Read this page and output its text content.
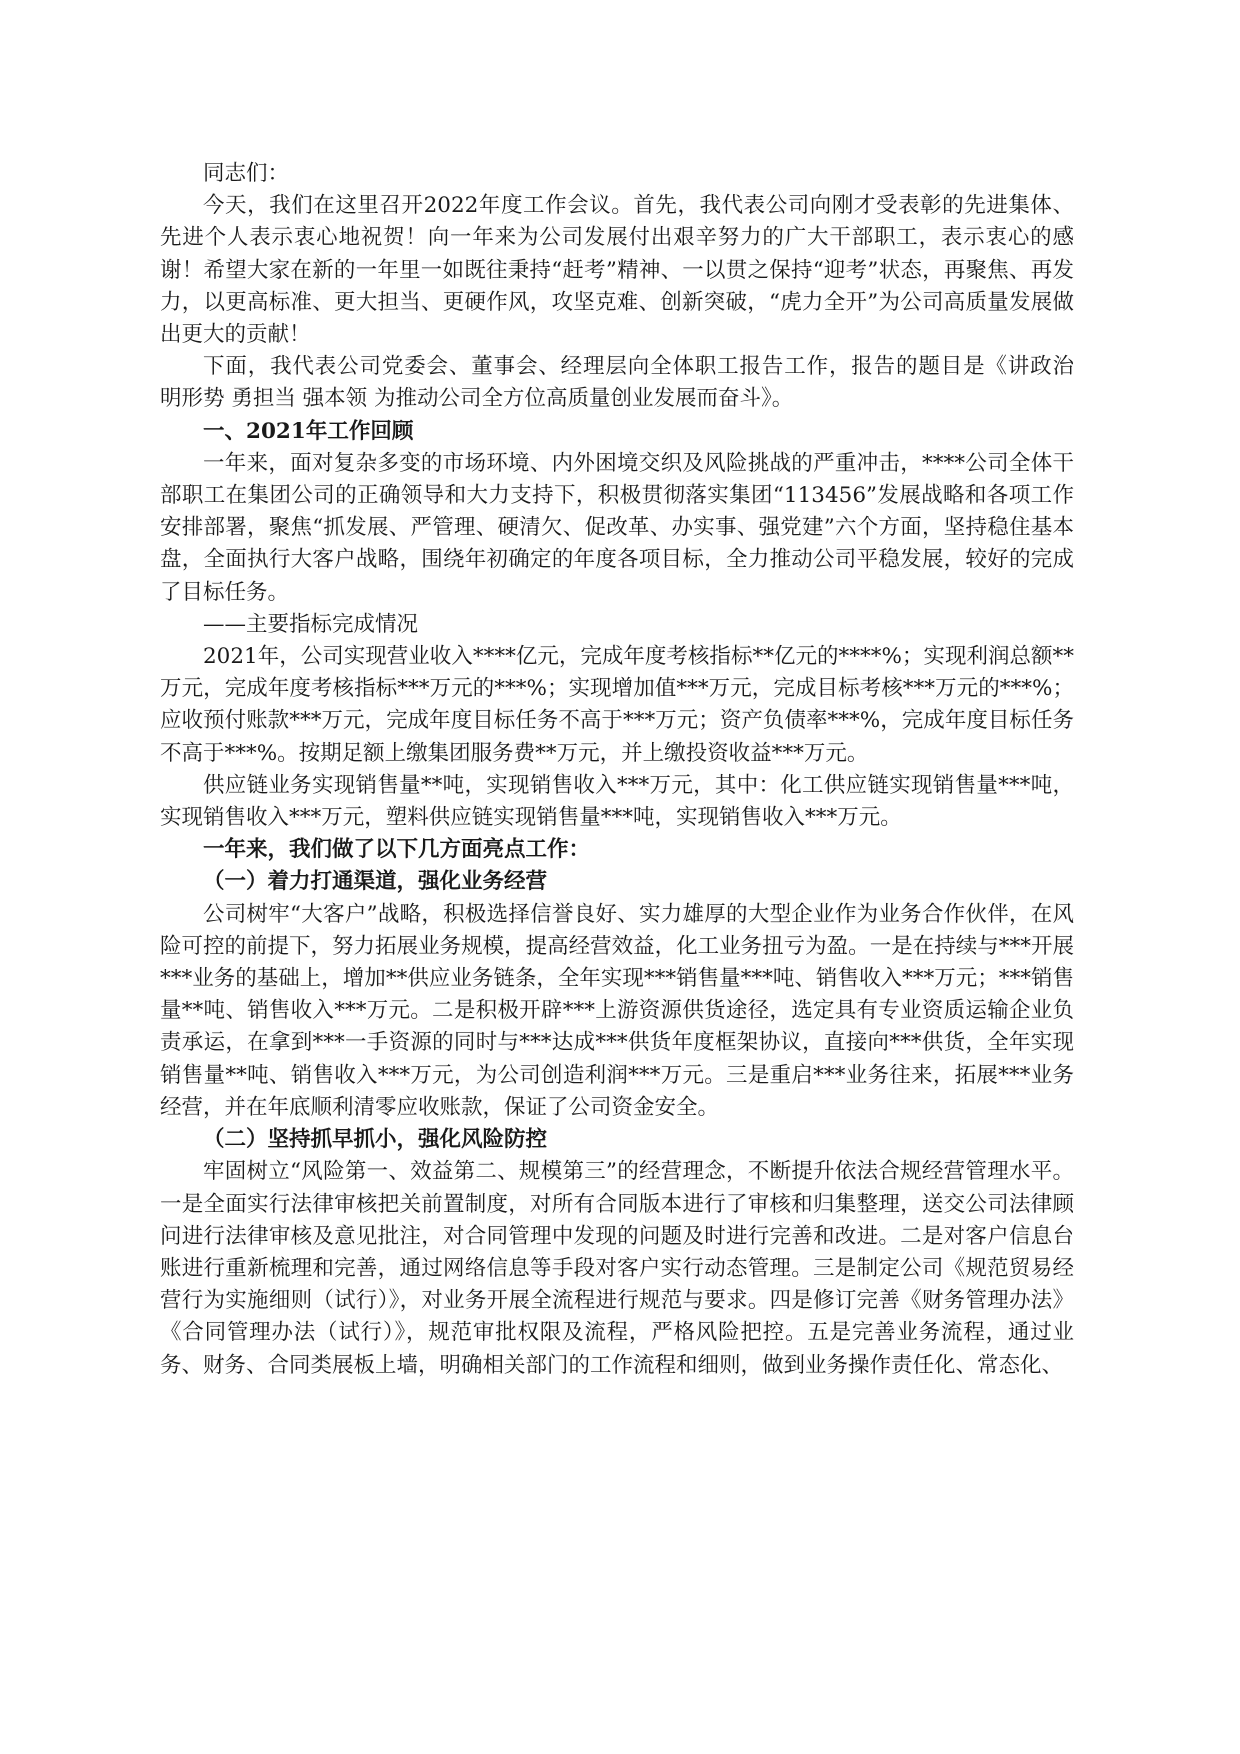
同志们：

今天，我们在这里召开2022年度工作会议。首先，我代表公司向刚才受表彰的先进集体、先进个人表示衷心地祝贺！向一年来为公司发展付出艰辛努力的广大干部职工，表示衷心的感谢！希望大家在新的一年里一如既往秉持“赶考”精神、一以贯之保持“迎考”状态，再聚焦、再发力，以更高标准、更大担当、更硬作风，攻坚克难、创新突破，“虎力全开”为公司高质量发展做出更大的贡献！

下面，我代表公司党委会、董事会、经理层向全体职工报告工作，报告的题目是《讲政治　明形势 勇担当 强本领 为推动公司全方位高质量创业发展而奋斗》。

一、2021年工作回顾

一年来，面对复杂多变的市场环境、内外困境交织及风险挑战的严重冲击，****公司全体干部职工在集团公司的正确领导和大力支持下，积极贯彻落实集团“113456”发展战略和各项工作安排部署，聚焦“抓发展、严管理、硬清欠、促改革、办实事、强党建”六个方面，坚持稳住基本盘，全面执行大客户战略，围绕年初确定的年度各项目标，全力推动公司平稳发展，较好的完成了目标任务。

——主要指标完成情况

2021年，公司实现营业收入****亿元，完成年度考核指标**亿元的****%；实现利润总额**万元，完成年度考核指标***万元的***%；实现增加值***万元，完成目标考核***万元的***%；应收预付账款***万元，完成年度目标任务不高于***万元；资产负债率***%，完成年度目标任务不高于***%。按期足额上缴集团服务费**万元，并上缴投资收益***万元。

供应链业务实现销售量**吨，实现销售收入***万元，其中：化工供应链实现销售量***吨，实现销售收入***万元，塑料供应链实现销售量***吨，实现销售收入***万元。

一年来，我们做了以下几方面亮点工作：

（一）着力打通渠道，强化业务经营

公司树牢“大客户”战略，积极选择信誉良好、实力雄厚的大型企业作为业务合作伙伴，在风险可控的前提下，努力拓展业务规模，提高经营效益，化工业务扭亏为盈。一是在持续与***开展***业务的基础上，增加**供应业务链条，全年实现***销售量***吨、销售收入***万元；***销售量**吨、销售收入***万元。二是积极开辟***上游资源供货途径，选定具有专业资质运输企业负责承运，在拿到***一手资源的同时与***达成***供货年度框架协议，直接向***供货，全年实现销售量**吨、销售收入***万元，为公司创造利润***万元。三是重启***业务往来，拓展***业务经营，并在年底顺利清零应收账款，保证了公司资金安全。

（二）坚持抓早抓小，强化风险防控

牢固树立“风险第一、效益第二、规模第三”的经营理念，不断提升依法合规经营管理水平。一是全面实行法律审核把关前置制度，对所有合同版本进行了审核和归集整理，送交公司法律顾问进行法律审核及意见批注，对合同管理中发现的问题及时进行完善和改进。二是对客户信息台账进行重新梳理和完善，通过网络信息等手段对客户实行动态管理。三是制定公司《规范贸易经营行为实施细则（试行）》，对业务开展全流程进行规范与要求。四是修订完善《财务管理办法》《合同管理办法（试行）》，规范审批权限及流程，严格风险把控。五是完善业务流程，通过业务、财务、合同类展板上墙，明确相关部门的工作流程和细则，做到业务操作责任化、常态化、
